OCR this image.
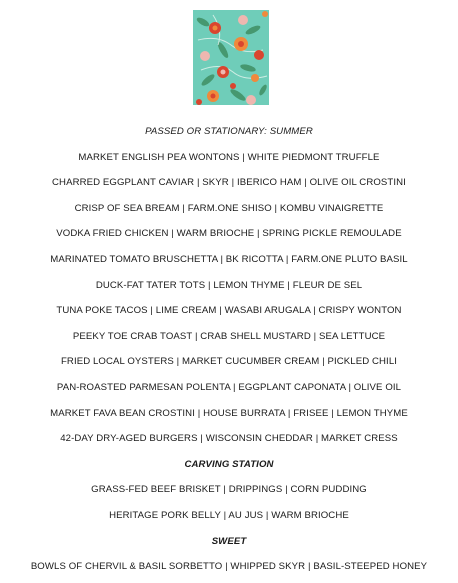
PASSED OR STATIONARY: SUMMER
MARKET ENGLISH PEA WONTONS | WHITE PIEDMONT TRUFFLE
CHARRED EGGPLANT CAVIAR | SKYR | IBERICO HAM | OLIVE OIL CROSTINI
CRISP OF SEA BREAM | FARM.ONE SHISO | KOMBU VINAIGRETTE
VODKA FRIED CHICKEN | WARM BRIOCHE | SPRING PICKLE REMOULADE
MARINATED TOMATO BRUSCHETTA | BK RICOTTA | FARM.ONE PLUTO BASIL
DUCK-FAT TATER TOTS | LEMON THYME | FLEUR DE SEL
TUNA POKE TACOS | LIME CREAM | WASABI ARUGALA | CRISPY WONTON
PEEKY TOE CRAB TOAST | CRAB SHELL MUSTARD | SEA LETTUCE
FRIED LOCAL OYSTERS | MARKET CUCUMBER CREAM | PICKLED CHILI
PAN-ROASTED PARMESAN POLENTA | EGGPLANT CAPONATA | OLIVE OIL
MARKET FAVA BEAN CROSTINI | HOUSE BURRATA | FRISEE | LEMON THYME
42-DAY DRY-AGED BURGERS | WISCONSIN CHEDDAR | MARKET CRESS
CARVING STATION
GRASS-FED BEEF BRISKET | DRIPPINGS | CORN PUDDING
HERITAGE PORK BELLY | AU JUS | WARM BRIOCHE
SWEET
BOWLS OF CHERVIL & BASIL SORBETTO | WHIPPED SKYR | BASIL-STEEPED HONEY
